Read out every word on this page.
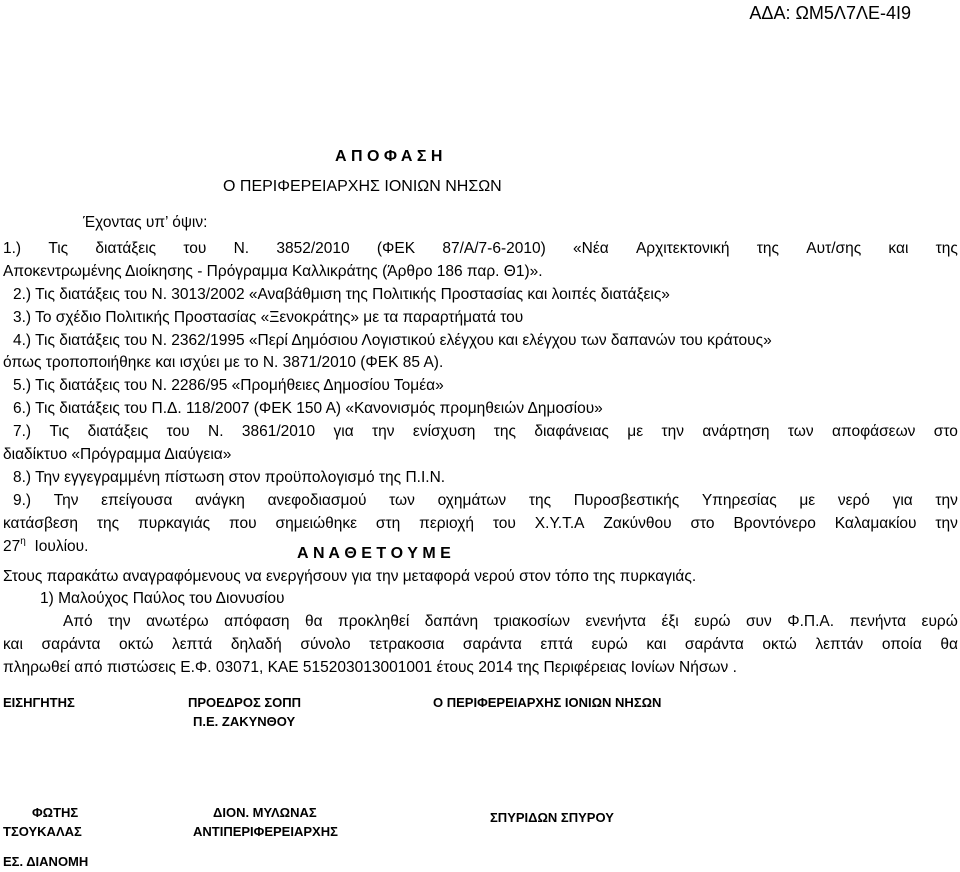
ΑΔΑ: ΩΜ5Λ7ΛΕ-4Ι9
Α Π Ο Φ Α Σ Η
Ο ΠΕΡΙΦΕΡΕΙΑΡΧΗΣ ΙΟΝΙΩΝ ΝΗΣΩΝ
Έχοντας υπ’ όψιν:
1.) Τις διατάξεις του Ν. 3852/2010 (ΦΕΚ 87/Α/7-6-2010) «Νέα Αρχιτεκτονική της Αυτ/σης και της
Αποκεντρωμένης Διοίκησης - Πρόγραμμα Καλλικράτης (Άρθρο 186 παρ. Θ1)».
2.) Τις διατάξεις του Ν. 3013/2002 «Αναβάθμιση της Πολιτικής Προστασίας και λοιπές διατάξεις»
3.) Το σχέδιο Πολιτικής Προστασίας «Ξενοκράτης» με τα παραρτήματά του
4.) Τις διατάξεις του Ν. 2362/1995 «Περί Δημόσιου Λογιστικού ελέγχου και ελέγχου των δαπανών του κράτους»
όπως τροποποιήθηκε και ισχύει με το Ν. 3871/2010 (ΦΕΚ 85 Α).
5.) Τις διατάξεις του Ν. 2286/95 «Προμήθειες Δημοσίου Τομέα»
6.) Τις διατάξεις του Π.Δ. 118/2007 (ΦΕΚ 150 Α) «Κανονισμός προμηθειών Δημοσίου»
7.) Τις διατάξεις του Ν. 3861/2010 για την ενίσχυση της διαφάνειας με την ανάρτηση των αποφάσεων στο
διαδίκτυο «Πρόγραμμα Διαύγεια»
8.) Την εγγεγραμμένη πίστωση στον προϋπολογισμό της Π.Ι.Ν.
9.) Την επείγουσα ανάγκη ανεφοδιασμού των οχημάτων της Πυροσβεστικής Υπηρεσίας με νερό για την
κατάσβεση της πυρκαγιάς που σημειώθηκε στη περιοχή του Χ.Υ.Τ.Α Ζακύνθου στο Βροντόνερο Καλαμακίου την
$27^\eta$ Ιουλίου.	Α Ν Α Θ Ε Τ Ο Υ Μ Ε
Στους παρακάτω αναγραφόμενους να ενεργήσουν για την μεταφορά νερού στον τόπο της πυρκαγιάς.
1) Μαλούχος Παύλος του Διονυσίου
Από την ανωτέρω απόφαση θα προκληθεί δαπάνη τριακοσίων ενενήντα έξι ευρώ συν Φ.Π.Α. πενήντα ευρώ
και σαράντα οκτώ λεπτά δηλαδή σύνολο τετρακοσια σαράντα επτά ευρώ και σαράντα οκτώ λεπτάν οποία θα
πληρωθεί από πιστώσεις Ε.Φ. 03071, ΚΑΕ 515203013001001 έτους 2014 της Περιφέρειας Ιονίων Νήσων .
ΕΙΣΗΓΗΤΗΣ	ΠΡΟΕΔΡΟΣ ΣΟΠΠ
Π.Ε. ΖΑΚΥΝΘΟΥ
Ο ΠΕΡΙΦΕΡΕΙΑΡΧΗΣ ΙΟΝΙΩΝ ΝΗΣΩΝ
ΦΩΤΗΣ
ΤΣΟΥΚΑΛΑΣ
ΔΙΟΝ. ΜΥΛΩΝΑΣ
ΑΝΤΙΠΕΡΙΦΕΡΕΙΑΡΧΗΣ
ΣΠΥΡΙΔΩΝ ΣΠΥΡΟΥ
ΕΣ. ΔΙΑΝΟΜΗ
